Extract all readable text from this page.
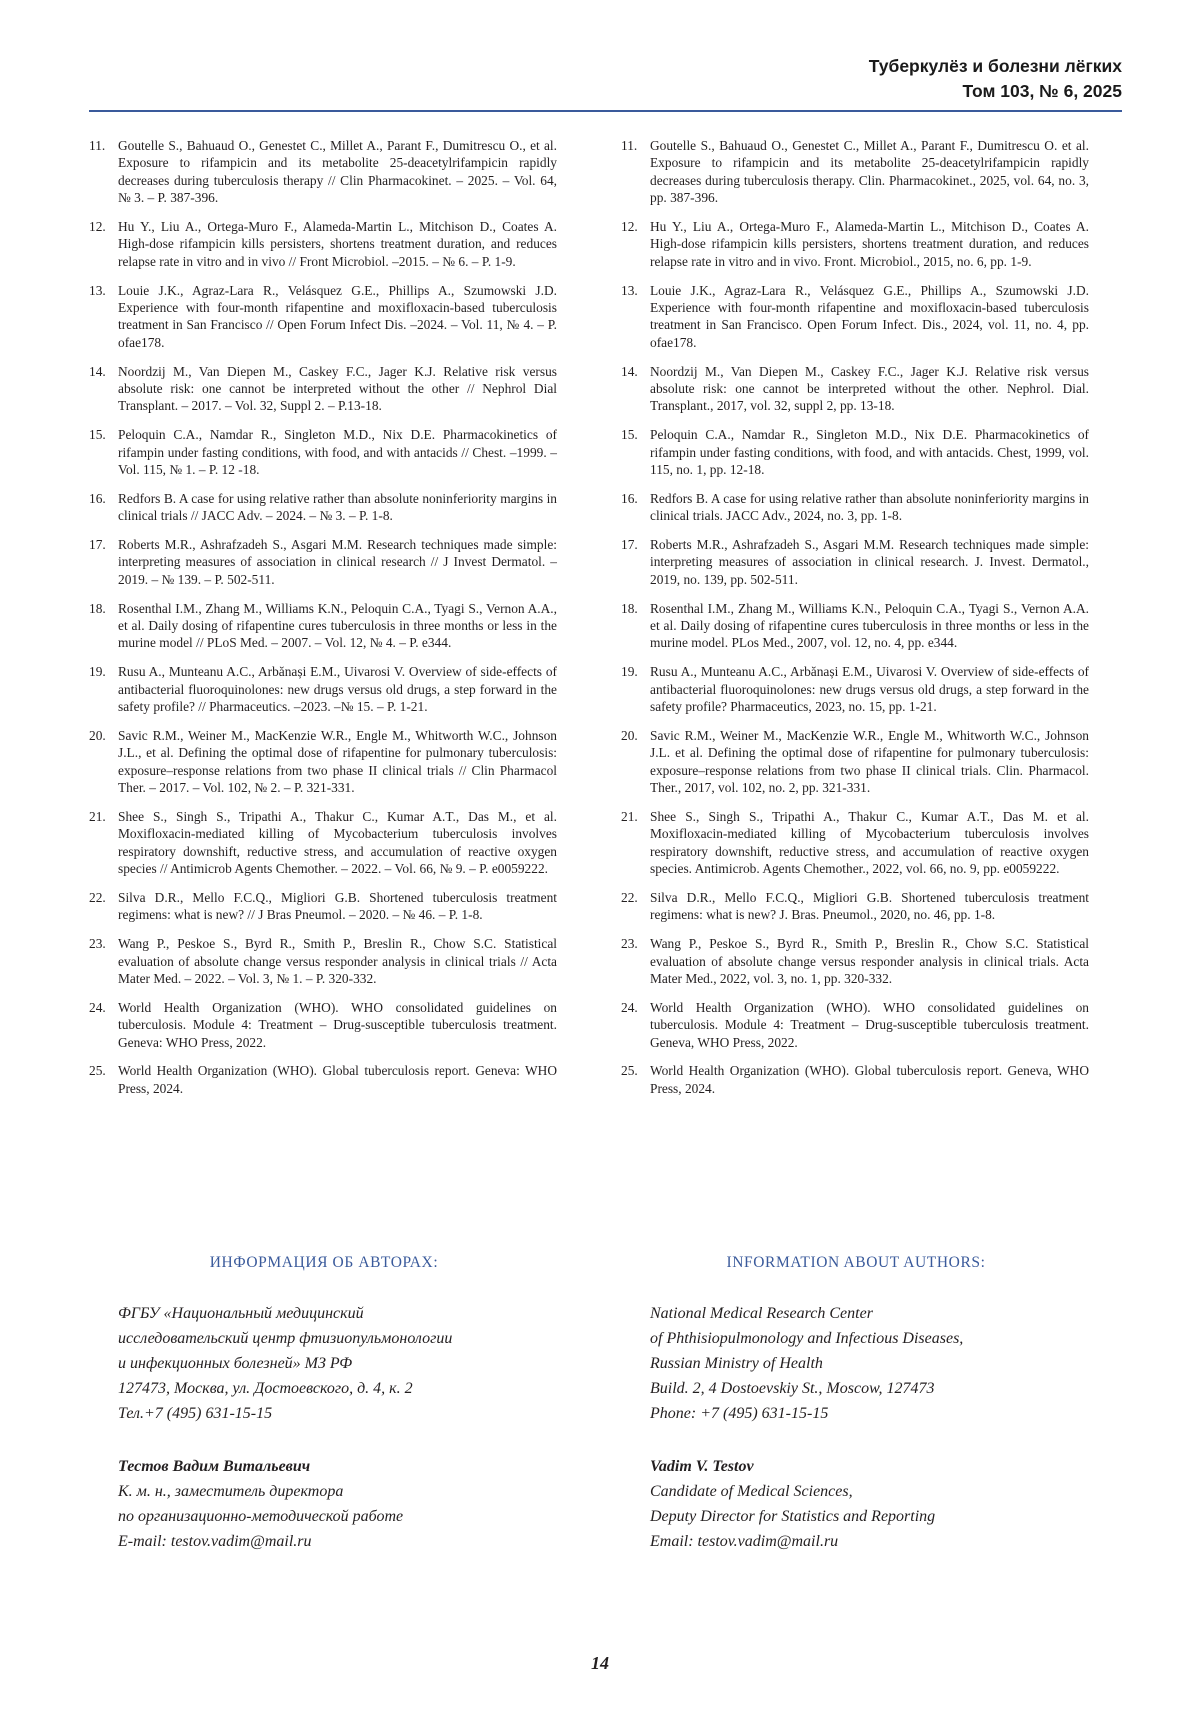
Туберкулёз и болезни лёгких
Том 103, № 6, 2025
11. Goutelle S., Bahuaud O., Genestet C., Millet A., Parant F., Dumitrescu O., et al. Exposure to rifampicin and its metabolite 25-deacetylrifampicin rapidly decreases during tuberculosis therapy // Clin Pharmacokinet. – 2025. – Vol. 64, № 3. – P. 387-396.
12. Hu Y., Liu A., Ortega-Muro F., Alameda-Martin L., Mitchison D., Coates A. High-dose rifampicin kills persisters, shortens treatment duration, and reduces relapse rate in vitro and in vivo // Front Microbiol. –2015. – № 6. – P. 1-9.
13. Louie J.K., Agraz-Lara R., Velásquez G.E., Phillips A., Szumowski J.D. Experience with four-month rifapentine and moxifloxacin-based tuberculosis treatment in San Francisco // Open Forum Infect Dis. –2024. – Vol. 11, № 4. – P. ofae178.
14. Noordzij M., Van Diepen M., Caskey F.C., Jager K.J. Relative risk versus absolute risk: one cannot be interpreted without the other // Nephrol Dial Transplant. – 2017. – Vol. 32, Suppl 2. – P.13-18.
15. Peloquin C.A., Namdar R., Singleton M.D., Nix D.E. Pharmacokinetics of rifampin under fasting conditions, with food, and with antacids // Chest. –1999. – Vol. 115, № 1. – P. 12 -18.
16. Redfors B. A case for using relative rather than absolute noninferiority margins in clinical trials // JACC Adv. – 2024. – № 3. – P. 1-8.
17. Roberts M.R., Ashrafzadeh S., Asgari M.M. Research techniques made simple: interpreting measures of association in clinical research // J Invest Dermatol. – 2019. – № 139. – P. 502-511.
18. Rosenthal I.M., Zhang M., Williams K.N., Peloquin C.A., Tyagi S., Vernon A.A., et al. Daily dosing of rifapentine cures tuberculosis in three months or less in the murine model // PLoS Med. – 2007. – Vol. 12, № 4. – P. e344.
19. Rusu A., Munteanu A.C., Arbănași E.M., Uivarosi V. Overview of side-effects of antibacterial fluoroquinolones: new drugs versus old drugs, a step forward in the safety profile? // Pharmaceutics. –2023. –№ 15. – P. 1-21.
20. Savic R.M., Weiner M., MacKenzie W.R., Engle M., Whitworth W.C., Johnson J.L., et al. Defining the optimal dose of rifapentine for pulmonary tuberculosis: exposure–response relations from two phase II clinical trials // Clin Pharmacol Ther. – 2017. – Vol. 102, № 2. – P. 321-331.
21. Shee S., Singh S., Tripathi A., Thakur C., Kumar A.T., Das M., et al. Moxifloxacin-mediated killing of Mycobacterium tuberculosis involves respiratory downshift, reductive stress, and accumulation of reactive oxygen species // Antimicrob Agents Chemother. – 2022. – Vol. 66, № 9. – P. e0059222.
22. Silva D.R., Mello F.C.Q., Migliori G.B. Shortened tuberculosis treatment regimens: what is new? // J Bras Pneumol. – 2020. – № 46. – P. 1-8.
23. Wang P., Peskoe S., Byrd R., Smith P., Breslin R., Chow S.C. Statistical evaluation of absolute change versus responder analysis in clinical trials // Acta Mater Med. – 2022. – Vol. 3, № 1. – P. 320-332.
24. World Health Organization (WHO). WHO consolidated guidelines on tuberculosis. Module 4: Treatment – Drug-susceptible tuberculosis treatment. Geneva: WHO Press, 2022.
25. World Health Organization (WHO). Global tuberculosis report. Geneva: WHO Press, 2024.
11. Goutelle S., Bahuaud O., Genestet C., Millet A., Parant F., Dumitrescu O. et al. Exposure to rifampicin and its metabolite 25-deacetylrifampicin rapidly decreases during tuberculosis therapy. Clin. Pharmacokinet., 2025, vol. 64, no. 3, pp. 387-396.
12. Hu Y., Liu A., Ortega-Muro F., Alameda-Martin L., Mitchison D., Coates A. High-dose rifampicin kills persisters, shortens treatment duration, and reduces relapse rate in vitro and in vivo. Front. Microbiol., 2015, no. 6, pp. 1-9.
13. Louie J.K., Agraz-Lara R., Velásquez G.E., Phillips A., Szumowski J.D. Experience with four-month rifapentine and moxifloxacin-based tuberculosis treatment in San Francisco. Open Forum Infect. Dis., 2024, vol. 11, no. 4, pp. ofae178.
14. Noordzij M., Van Diepen M., Caskey F.C., Jager K.J. Relative risk versus absolute risk: one cannot be interpreted without the other. Nephrol. Dial. Transplant., 2017, vol. 32, suppl 2, pp. 13-18.
15. Peloquin C.A., Namdar R., Singleton M.D., Nix D.E. Pharmacokinetics of rifampin under fasting conditions, with food, and with antacids. Chest, 1999, vol. 115, no. 1, pp. 12-18.
16. Redfors B. A case for using relative rather than absolute noninferiority margins in clinical trials. JACC Adv., 2024, no. 3, pp. 1-8.
17. Roberts M.R., Ashrafzadeh S., Asgari M.M. Research techniques made simple: interpreting measures of association in clinical research. J. Invest. Dermatol., 2019, no. 139, pp. 502-511.
18. Rosenthal I.M., Zhang M., Williams K.N., Peloquin C.A., Tyagi S., Vernon A.A. et al. Daily dosing of rifapentine cures tuberculosis in three months or less in the murine model. PLos Med., 2007, vol. 12, no. 4, pp. e344.
19. Rusu A., Munteanu A.C., Arbănași E.M., Uivarosi V. Overview of side-effects of antibacterial fluoroquinolones: new drugs versus old drugs, a step forward in the safety profile? Pharmaceutics, 2023, no. 15, pp. 1-21.
20. Savic R.M., Weiner M., MacKenzie W.R., Engle M., Whitworth W.C., Johnson J.L. et al. Defining the optimal dose of rifapentine for pulmonary tuberculosis: exposure–response relations from two phase II clinical trials. Clin. Pharmacol. Ther., 2017, vol. 102, no. 2, pp. 321-331.
21. Shee S., Singh S., Tripathi A., Thakur C., Kumar A.T., Das M. et al. Moxifloxacin-mediated killing of Mycobacterium tuberculosis involves respiratory downshift, reductive stress, and accumulation of reactive oxygen species. Antimicrob. Agents Chemother., 2022, vol. 66, no. 9, pp. e0059222.
22. Silva D.R., Mello F.C.Q., Migliori G.B. Shortened tuberculosis treatment regimens: what is new? J. Bras. Pneumol., 2020, no. 46, pp. 1-8.
23. Wang P., Peskoe S., Byrd R., Smith P., Breslin R., Chow S.C. Statistical evaluation of absolute change versus responder analysis in clinical trials. Acta Mater Med., 2022, vol. 3, no. 1, pp. 320-332.
24. World Health Organization (WHO). WHO consolidated guidelines on tuberculosis. Module 4: Treatment – Drug-susceptible tuberculosis treatment. Geneva, WHO Press, 2022.
25. World Health Organization (WHO). Global tuberculosis report. Geneva, WHO Press, 2024.
ИНФОРМАЦИЯ ОБ АВТОРАХ:	INFORMATION ABOUT AUTHORS:
ФГБУ «Национальный медицинский
исследовательский центр фтизиопульмонологии
и инфекционных болезней» МЗ РФ
127473, Москва, ул. Достоевского, д. 4, к. 2
Тел.+7 (495) 631-15-15
National Medical Research Center
of Phthisiopulmonology and Infectious Diseases,
Russian Ministry of Health
Build. 2, 4 Dostoevskiy St., Moscow, 127473
Phone: +7 (495) 631-15-15
Тестов Вадим Витальевич
К. м. н., заместитель директора
по организационно-методической работе
E-mail: testov.vadim@mail.ru
Vadim V. Testov
Candidate of Medical Sciences,
Deputy Director for Statistics and Reporting
Email: testov.vadim@mail.ru
14
